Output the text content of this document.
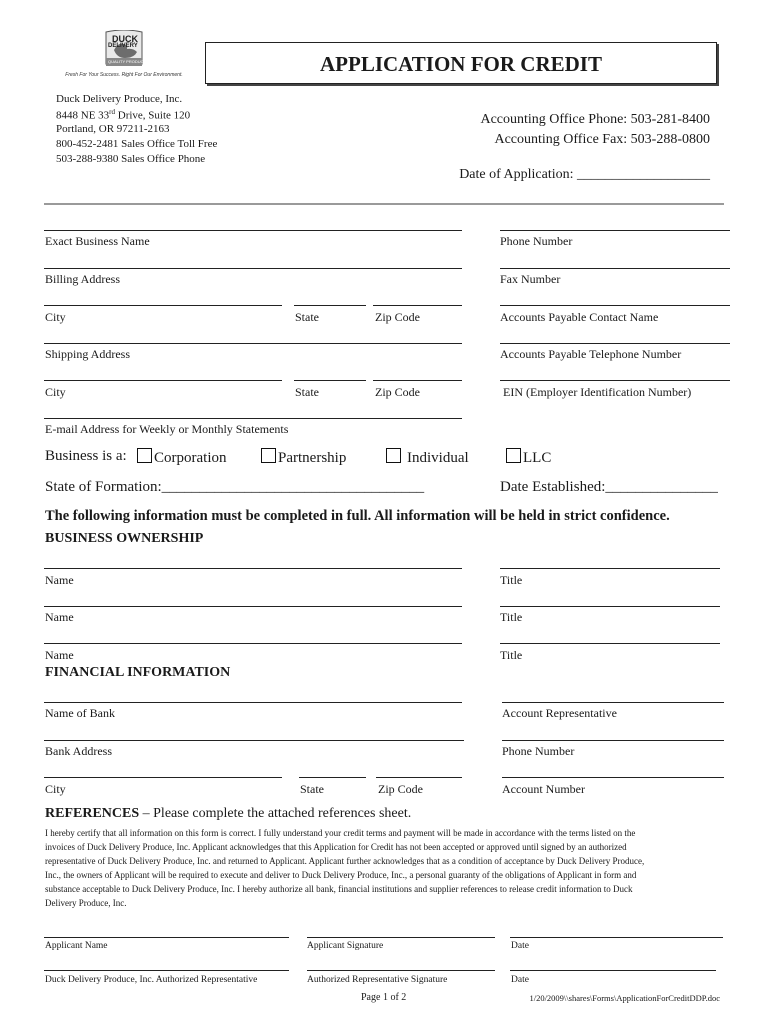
Fresh For Your Success. Right For Our Environment.
DUCK
DELIVERY
QUALITY PRODUCE	APPLICATION FOR CREDIT
Duck Delivery Produce, Inc.
8448 NE 33rd Drive, Suite 120
Portland, OR 97211-2163
800-452-2481 Sales Office Toll Free
503-288-9380 Sales Office Phone
Accounting Office Phone: 503-281-8400
Accounting Office Fax: 503-288-0800
Date of Application: ___________________
Exact Business Name	Phone Number
Billing Address	Fax Number
City	State	Zip Code	Accounts Payable Contact Name
Shipping Address	Accounts Payable Telephone Number
City	State	Zip Code	EIN (Employer Identification Number)
E-mail Address for Weekly or Monthly Statements
Business is a:	Corporation	Partnership	Individual	LLC
State of Formation:___________________________________	Date Established:_______________
The following information must be completed in full. All information will be held in strict confidence.
BUSINESS OWNERSHIP
Name	Title
Name	Title
Name	Title
FINANCIAL INFORMATION
Name of Bank	Account Representative
Bank Address	Phone Number
City	State	Zip Code	Account Number
REFERENCES – Please complete the attached references sheet.
I hereby certify that all information on this form is correct. I fully understand your credit terms and payment will be made in accordance with the terms listed on the
invoices of Duck Delivery Produce, Inc. Applicant acknowledges that this Application for Credit has not been accepted or approved until signed by an authorized
representative of Duck Delivery Produce, Inc. and returned to Applicant. Applicant further acknowledges that as a condition of acceptance by Duck Delivery Produce,
Inc., the owners of Applicant will be required to execute and deliver to Duck Delivery Produce, Inc., a personal guaranty of the obligations of Applicant in form and
substance acceptable to Duck Delivery Produce, Inc. I hereby authorize all bank, financial institutions and supplier references to release credit information to Duck
Delivery Produce, Inc.
Applicant Name	Applicant Signature	Date
Duck Delivery Produce, Inc. Authorized Representative	Authorized Representative Signature	Date
Page 1 of 2	1/20/2009\\shares\Forms\ApplicationForCreditDDP.doc
